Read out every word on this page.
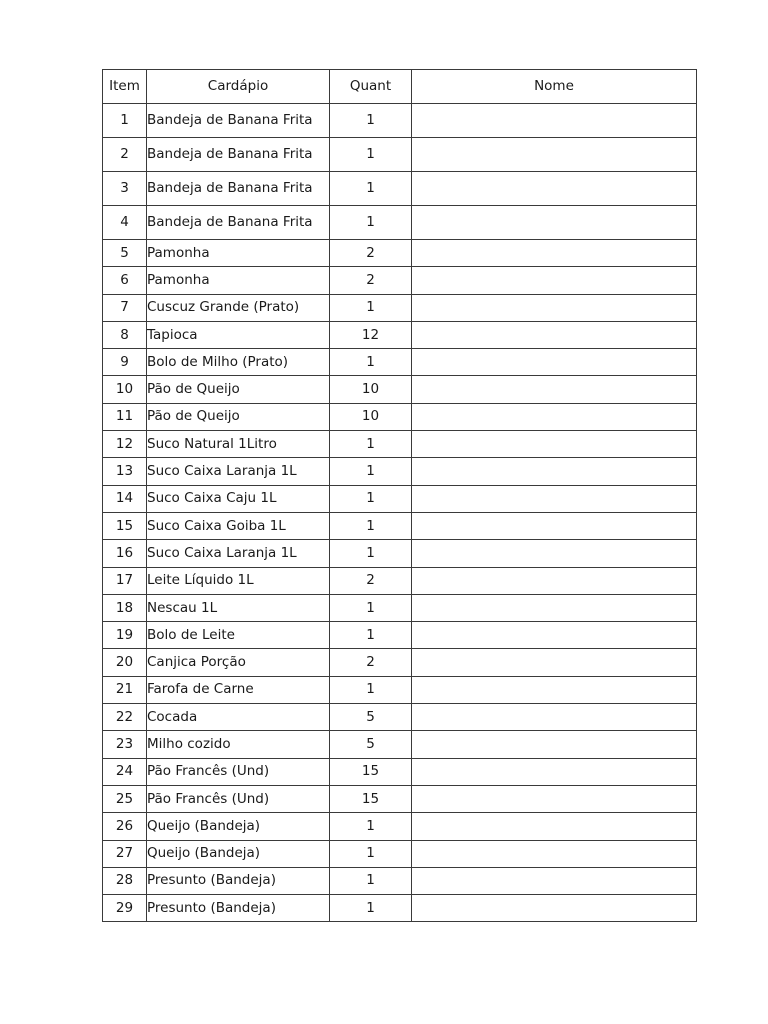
Item	Cardápio	Quant	Nome
1	Bandeja de Banana Frita	1	
2	Bandeja de Banana Frita	1	
3	Bandeja de Banana Frita	1	
4	Bandeja de Banana Frita	1	
5	Pamonha	2	
6	Pamonha	2	
7	Cuscuz Grande (Prato)	1	
8	Tapioca	12	
9	Bolo de Milho (Prato)	1	
10	Pão de Queijo	10	
11	Pão de Queijo	10	
12	Suco Natural 1Litro	1	
13	Suco Caixa Laranja 1L	1	
14	Suco Caixa Caju 1L	1	
15	Suco Caixa Goiba 1L	1	
16	Suco Caixa Laranja 1L	1	
17	Leite Líquido 1L	2	
18	Nescau 1L	1	
19	Bolo de Leite	1	
20	Canjica Porção	2	
21	Farofa de Carne	1	
22	Cocada	5	
23	Milho cozido	5	
24	Pão Francês (Und)	15	
25	Pão Francês (Und)	15	
26	Queijo (Bandeja)	1	
27	Queijo (Bandeja)	1	
28	Presunto (Bandeja)	1	
29	Presunto (Bandeja)	1	
